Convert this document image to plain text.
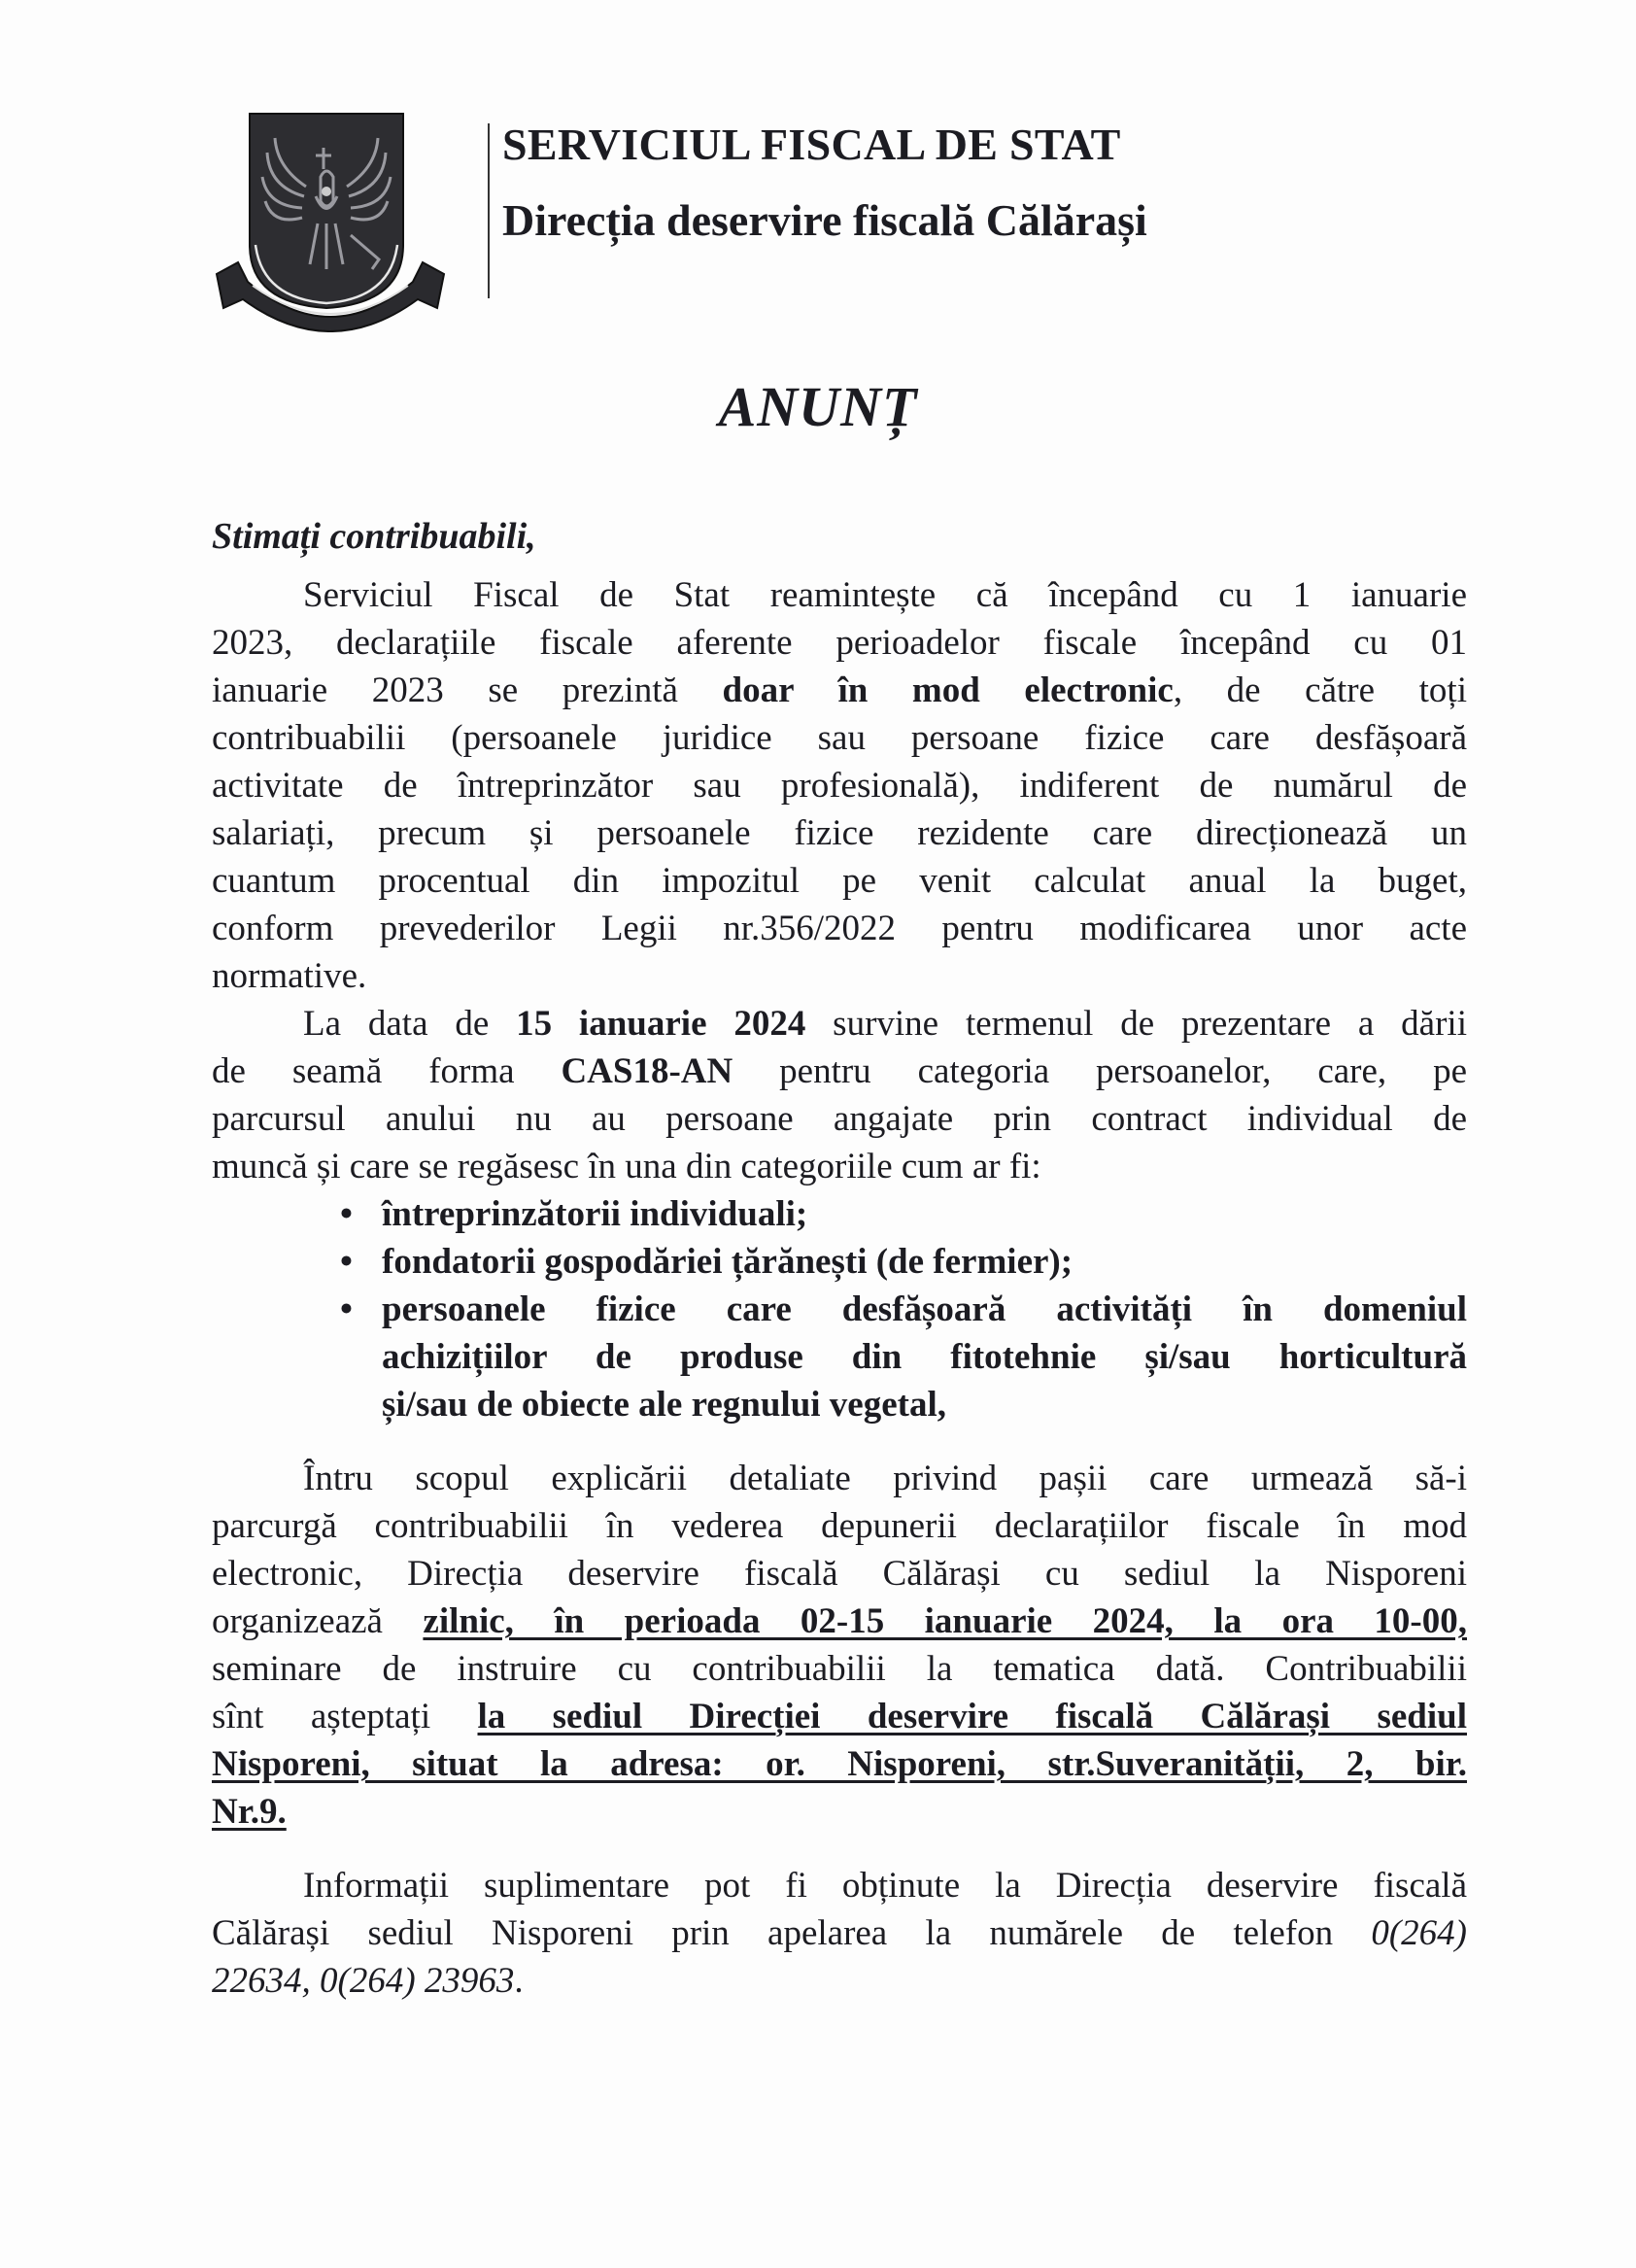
SERVICIUL FISCAL DE STAT
Direcția deservire fiscală Călărași
ANUNȚ
Stimați contribuabili,
Serviciul Fiscal de Stat reamintește că începând cu 1 ianuarie
2023, declarațiile fiscale aferente perioadelor fiscale începând cu 01
ianuarie 2023 se prezintă doar în mod electronic, de către toți
contribuabilii (persoanele juridice sau persoane fizice care desfășoară
activitate de întreprinzător sau profesională), indiferent de numărul de
salariați, precum și persoanele fizice rezidente care direcționează un
cuantum procentual din impozitul pe venit calculat anual la buget,
conform prevederilor Legii nr.356/2022 pentru modificarea unor acte
normative.
La data de 15 ianuarie 2024 survine termenul de prezentare a dării
de seamă forma CAS18-AN pentru categoria persoanelor, care, pe
parcursul anului nu au persoane angajate prin contract individual de
muncă și care se regăsesc în una din categoriile cum ar fi:
• întreprinzătorii individuali;
• fondatorii gospodăriei țărănești (de fermier);
• persoanele fizice care desfășoară activități în domeniul
achizițiilor de produse din fitotehnie și/sau horticultură
și/sau de obiecte ale regnului vegetal,
Întru scopul explicării detaliate privind pașii care urmează să-i
parcurgă contribuabilii în vederea depunerii declarațiilor fiscale în mod
electronic, Direcția deservire fiscală Călărași cu sediul la Nisporeni
organizează zilnic, în perioada 02-15 ianuarie 2024, la ora 10-00,
seminare de instruire cu contribuabilii la tematica dată. Contribuabilii
sînt așteptați la sediul Direcției deservire fiscală Călărași sediul
Nisporeni, situat la adresa: or. Nisporeni, str.Suveranității, 2, bir.
Nr.9.
Informații suplimentare pot fi obținute la Direcția deservire fiscală
Călărași sediul Nisporeni prin apelarea la numărele de telefon 0(264)
22634, 0(264) 23963.
